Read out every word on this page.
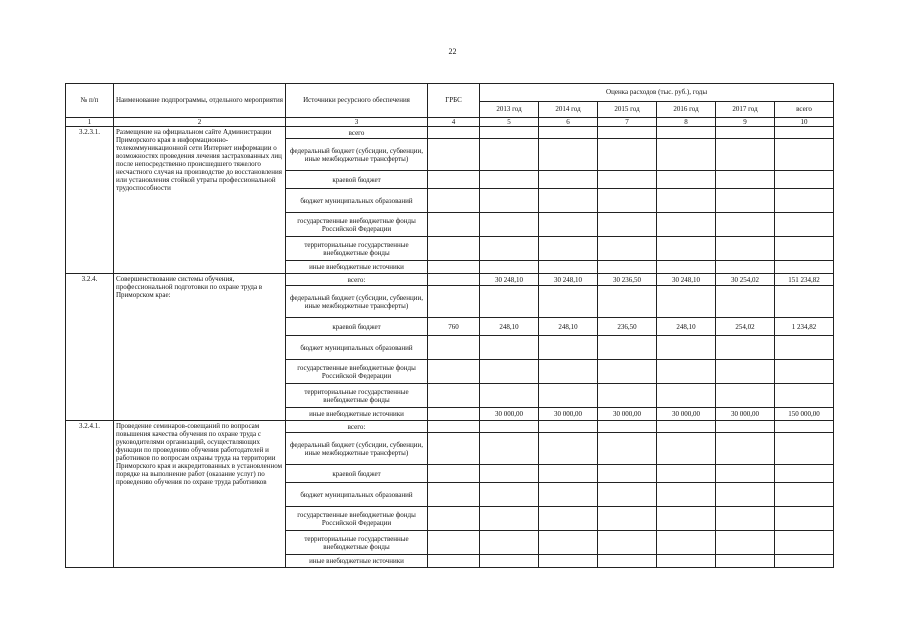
22
№ п/п	Наименование подпрограммы, отдельного мероприятия	Источники ресурсного обеспечения	ГРБС	Оценка расходов (тыс. руб.), годы					
				2013 год	2014 год	2015 год	2016 год	2017 год	всего
1	2	3	4	5	6	7	8	9	10
3.2.3.1.	Размещение на официальном сайте Администрации Приморского края в информационно-телекоммуникационной сети Интернет информации о возможностях проведения лечения застрахованных лиц после непосредственно происшедшего тяжелого несчастного случая на производстве до восстановления или установления стойкой утраты профессиональной трудоспособности	всего							
		федеральный бюджет (субсидии, субвенции, иные межбюджетные трансферты)							
		краевой бюджет							
		бюджет муниципальных образований							
		государственные внебюджетные фонды Российской Федерации							
		территориальные государственные внебюджетные фонды							
		иные внебюджетные источники							
3.2.4.	Совершенствование системы обучения, профессиональной подготовки по охране труда в Приморском крае:	всего:		30 248,10	30 248,10	30 236,50	30 248,10	30 254,02	151 234,82
		федеральный бюджет (субсидии, субвенции, иные межбюджетные трансферты)							
		краевой бюджет	760	248,10	248,10	236,50	248,10	254,02	1 234,82
		бюджет муниципальных образований							
		государственные внебюджетные фонды Российской Федерации							
		территориальные государственные внебюджетные фонды							
		иные внебюджетные источники		30 000,00	30 000,00	30 000,00	30 000,00	30 000,00	150 000,00
3.2.4.1.	Проведение семинаров-совещаний по вопросам повышения качества обучения по охране труда с руководителями организаций, осуществляющих функции по проведению обучения работодателей и работников по вопросам охраны труда на территории Приморского края и аккредитованных в установленном порядке на выполнение работ (оказание услуг) по проведению обучения по охране труда работников	всего:							
		федеральный бюджет (субсидии, субвенции, иные межбюджетные трансферты)							
		краевой бюджет							
		бюджет муниципальных образований							
		государственные внебюджетные фонды Российской Федерации							
		территориальные государственные внебюджетные фонды							
		иные внебюджетные источники							
